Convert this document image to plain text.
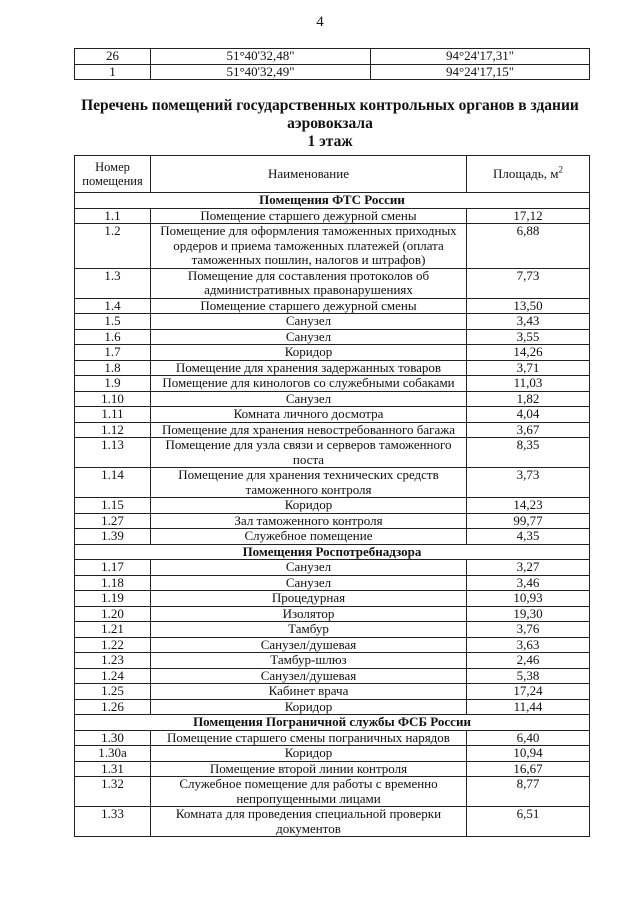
4
26	51°40'32,48"	94°24'17,31"
1	51°40'32,49"	94°24'17,15"
Перечень помещений государственных контрольных органов в здании
аэровокзала
1 этаж
Номер помещения	Наименование	Площадь, $м^2$
Помещения ФТС России		
1.1	Помещение старшего дежурной смены	17,12
1.2	Помещение для оформления таможенных приходных ордеров и приема таможенных платежей (оплата таможенных пошлин, налогов и штрафов)	6,88
1.3	Помещение для составления протоколов об административных правонарушениях	7,73
1.4	Помещение старшего дежурной смены	13,50
1.5	Санузел	3,43
1.6	Санузел	3,55
1.7	Коридор	14,26
1.8	Помещение для хранения задержанных товаров	3,71
1.9	Помещение для кинологов со служебными собаками	11,03
1.10	Санузел	1,82
1.11	Комната личного досмотра	4,04
1.12	Помещение для хранения невостребованного багажа	3,67
1.13	Помещение для узла связи и серверов таможенного поста	8,35
1.14	Помещение для хранения технических средств таможенного контроля	3,73
1.15	Коридор	14,23
1.27	Зал таможенного контроля	99,77
1.39	Служебное помещение	4,35
Помещения Роспотребнадзора		
1.17	Санузел	3,27
1.18	Санузел	3,46
1.19	Процедурная	10,93
1.20	Изолятор	19,30
1.21	Тамбур	3,76
1.22	Санузел/душевая	3,63
1.23	Тамбур-шлюз	2,46
1.24	Санузел/душевая	5,38
1.25	Кабинет врача	17,24
1.26	Коридор	11,44
Помещения Пограничной службы ФСБ России		
1.30	Помещение старшего смены пограничных нарядов	6,40
1.30а	Коридор	10,94
1.31	Помещение второй линии контроля	16,67
1.32	Служебное помещение для работы с временно непропущенными лицами	8,77
1.33	Комната для проведения специальной проверки документов	6,51
